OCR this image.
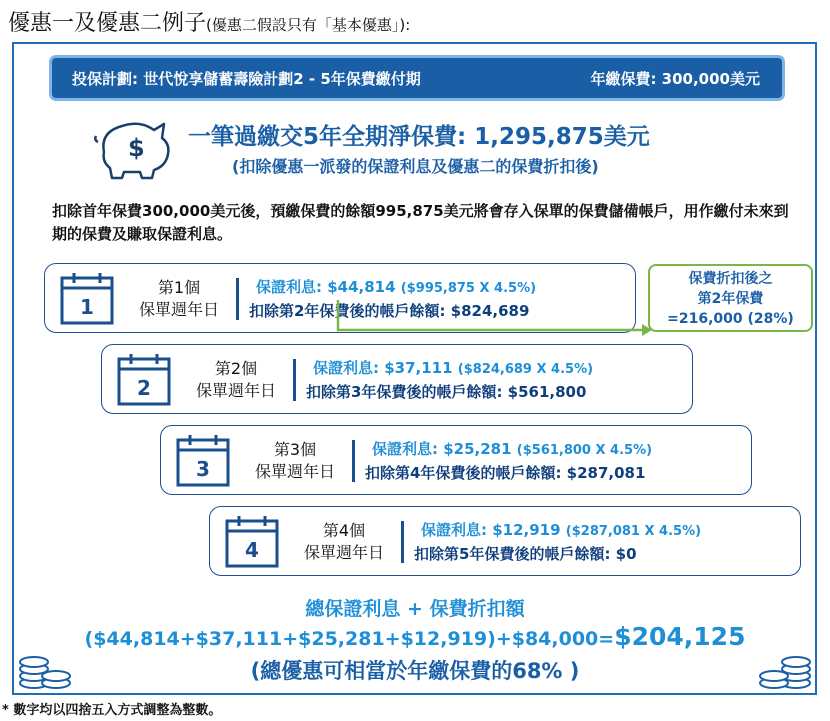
優惠一及優惠二例子(優惠二假設只有「基本優惠」):
投保計劃: 世代悅享儲蓄壽險計劃2 - 5年保費繳付期	年繳保費: 300,000美元
$ 一筆過繳交5年全期淨保費: 1,295,875美元
(扣除優惠一派發的保證利息及優惠二的保費折扣後)
扣除首年保費300,000美元後，預繳保費的餘額995,875美元將會存入保單的保費儲備帳戶，用作繳付未來到期的保費及賺取保證利息。
1
第1個
保單週年日
保證利息: $44,814 ($995,875 X 4.5%)
扣除第2年保費後的帳戶餘額: $824,689
2
第2個
保單週年日
保證利息: $37,111 ($824,689 X 4.5%)
扣除第3年保費後的帳戶餘額: $561,800
3
第3個
保單週年日
保證利息: $25,281 ($561,800 X 4.5%)
扣除第4年保費後的帳戶餘額: $287,081
4
第4個
保單週年日
保證利息: $12,919 ($287,081 X 4.5%)
扣除第5年保費後的帳戶餘額: $0
保費折扣後之
第2年保費
=216,000 (28%)
總保證利息 + 保費折扣額
($44,814+$37,111+$25,281+$12,919)+$84,000=$204,125
(總優惠可相當於年繳保費的68% )
* 數字均以四捨五入方式調整為整數。
